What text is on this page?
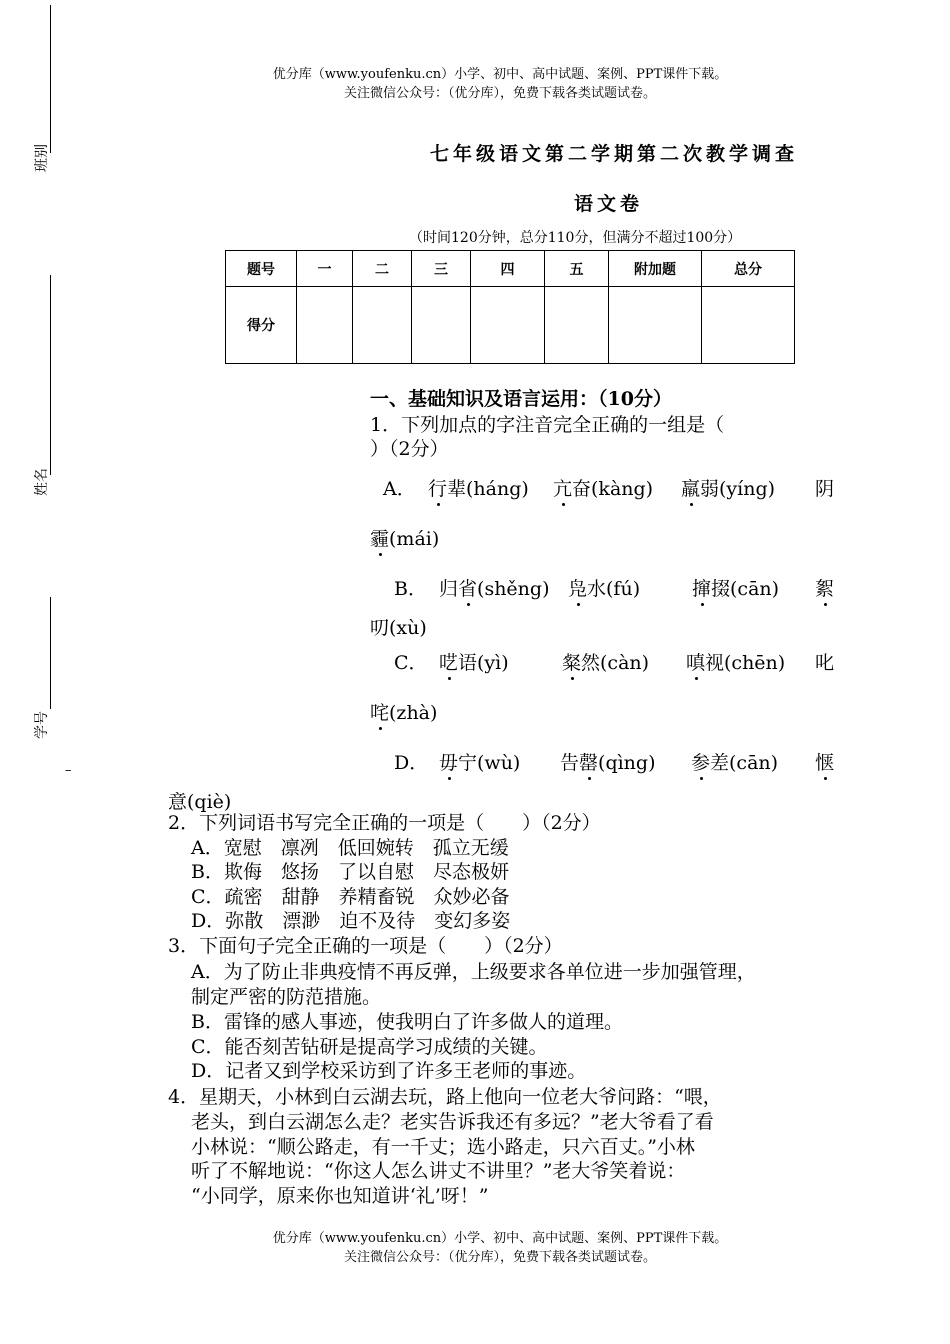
优分库（www.youfenku.cn）小学、初中、高中试题、案例、PPT课件下载。
关注微信公众号：（优分库），免费下载各类试题试卷。
班别
姓名
学号
–
七年级语文第二学期第二次教学调查
语文卷
（时间120分钟，总分110分，但满分不超过100分）
题号	一	二	三	四	五	附加题	总分
得分							
一、基础知识及语言运用：（10分）
1．下列加点的字注音完全正确的一组是（
）（2分）
A． 行辈(háng) 亢奋(kàng) 羸弱(yíng) 阴
霾(mái)
B． 归省(shěng) 凫水(fú)	撺掇(cān) 絮
叨(xù)
C． 呓语(yì)	粲然(càn) 嗔视(chēn) 叱
咤(zhà)
D． 毋宁(wù) 告罄(qìng) 参差(cān) 惬
意(qiè)
2．下列词语书写完全正确的一项是（　　）（2分）
A．宽慰　凛冽　低回婉转　孤立无缓
B．欺侮　悠扬　了以自慰　尽态极妍
C．疏密　甜静　养精畜锐　众妙必备
D．弥散　漂渺　迫不及待　变幻多姿
3．下面句子完全正确的一项是（　　）（2分）
A．为了防止非典疫情不再反弹，上级要求各单位进一步加强管理，
制定严密的防范措施。
B．雷锋的感人事迹，使我明白了许多做人的道理。
C．能否刻苦钻研是提高学习成绩的关键。
D．记者又到学校采访到了许多王老师的事迹。
4．星期天，小林到白云湖去玩，路上他向一位老大爷问路：“喂，
老头，到白云湖怎么走？老实告诉我还有多远？”老大爷看了看
小林说：“顺公路走，有一千丈；选小路走，只六百丈。”小林
听了不解地说：“你这人怎么讲丈不讲里？”老大爷笑着说：
“小同学，原来你也知道讲‘礼’呀！”
优分库（www.youfenku.cn）小学、初中、高中试题、案例、PPT课件下载。
关注微信公众号：（优分库），免费下载各类试题试卷。
